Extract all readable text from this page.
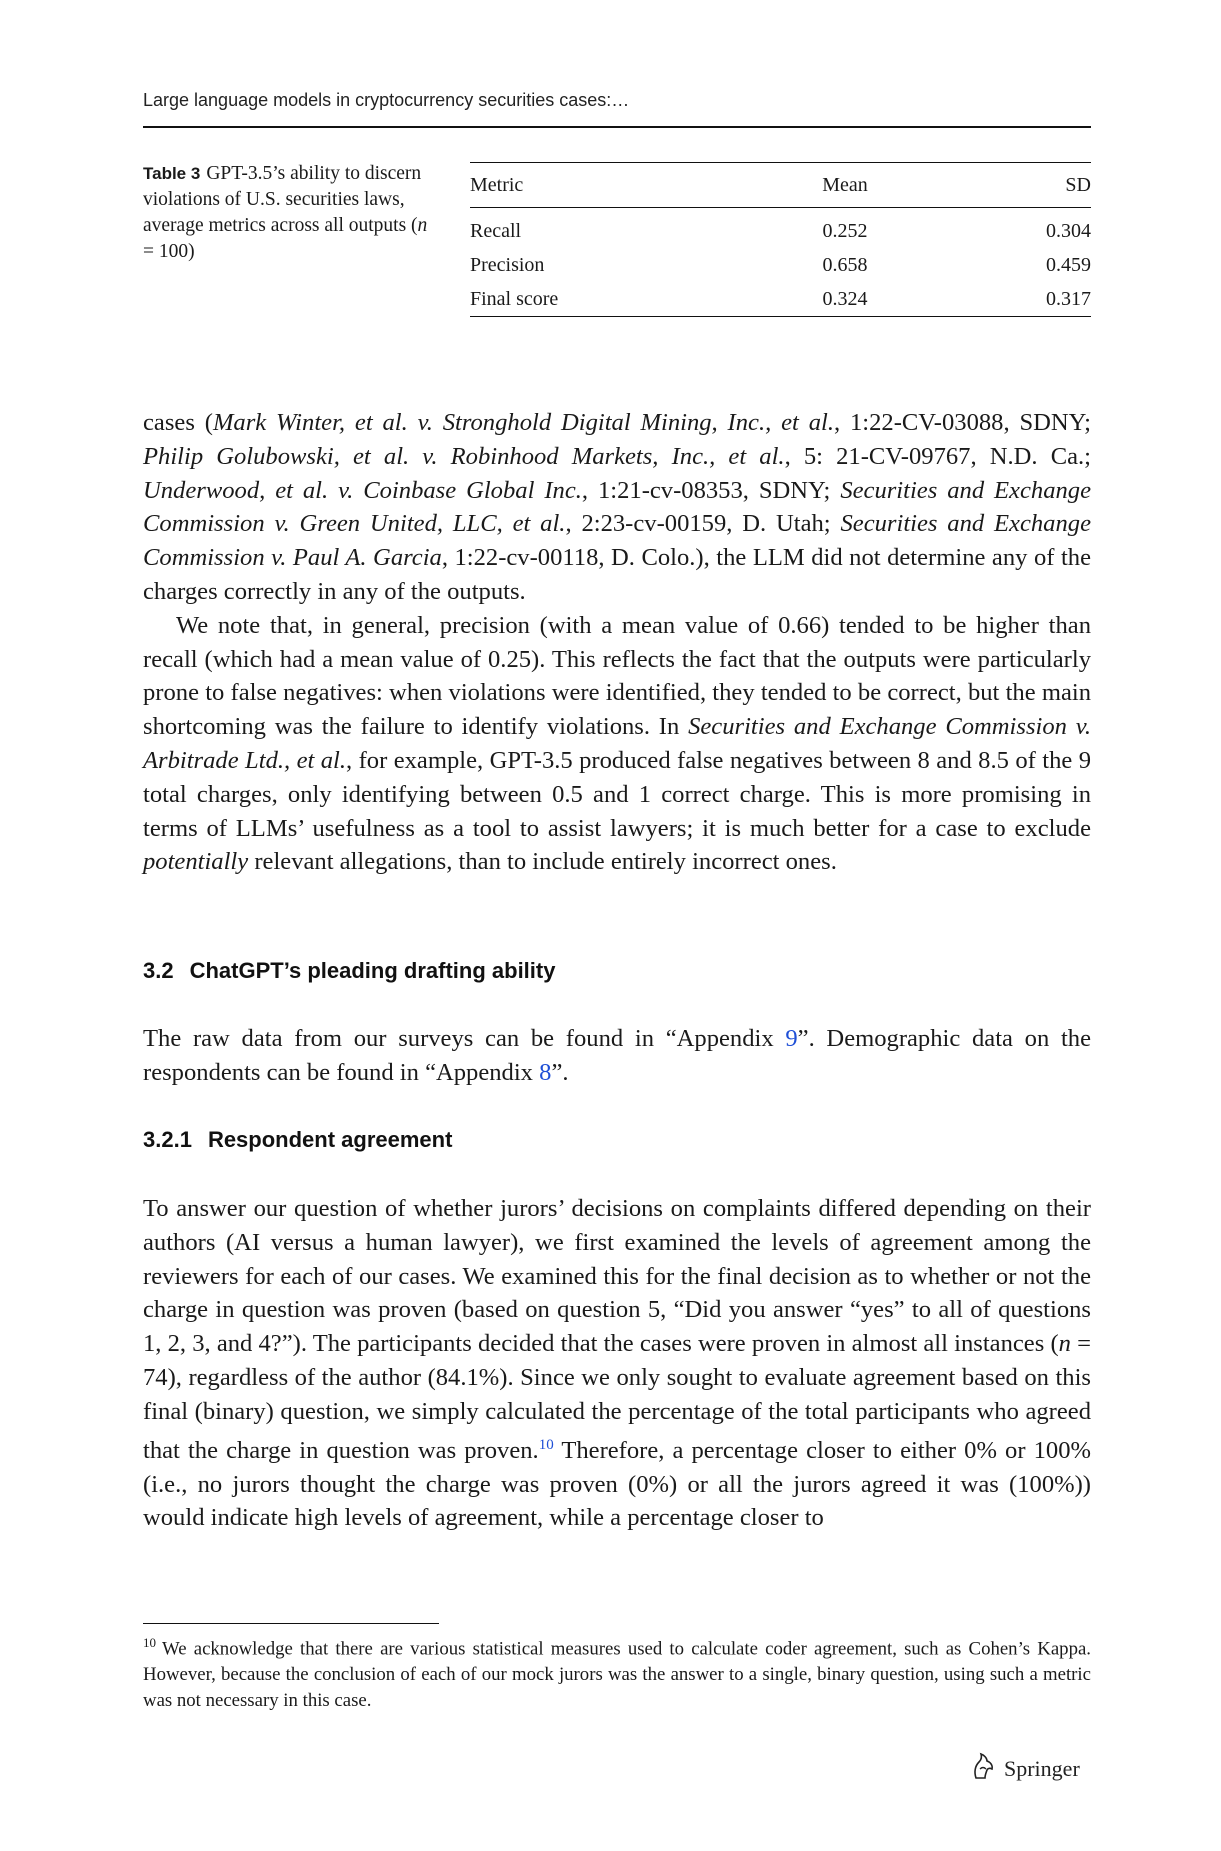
Large language models in cryptocurrency securities cases:…
Table 3 GPT-3.5’s ability to discern violations of U.S. securities laws, average metrics across all outputs (n = 100)
Metric	Mean	SD
Recall	0.252	0.304
Precision	0.658	0.459
Final score	0.324	0.317

cases (Mark Winter, et al. v. Stronghold Digital Mining, Inc., et al., 1:22-CV-03088, SDNY; Philip Golubowski, et al. v. Robinhood Markets, Inc., et al., 5: 21-CV-09767, N.D. Ca.; Underwood, et al. v. Coinbase Global Inc., 1:21-cv-08353, SDNY; Securities and Exchange Commission v. Green United, LLC, et al., 2:23-cv-00159, D. Utah; Securities and Exchange Commission v. Paul A. Garcia, 1:22-cv-00118, D. Colo.), the LLM did not determine any of the charges correctly in any of the outputs.

We note that, in general, precision (with a mean value of 0.66) tended to be higher than recall (which had a mean value of 0.25). This reflects the fact that the outputs were particularly prone to false negatives: when violations were identified, they tended to be correct, but the main shortcoming was the failure to identify violations. In Securities and Exchange Commission v. Arbitrade Ltd., et al., for example, GPT-3.5 produced false negatives between 8 and 8.5 of the 9 total charges, only identifying between 0.5 and 1 correct charge. This is more promising in terms of LLMs’ usefulness as a tool to assist lawyers; it is much better for a case to exclude potentially relevant allegations, than to include entirely incorrect ones.

3.2 ChatGPT’s pleading drafting ability

The raw data from our surveys can be found in “Appendix 9”. Demographic data on the respondents can be found in “Appendix 8”.

3.2.1 Respondent agreement

To answer our question of whether jurors’ decisions on complaints differed depending on their authors (AI versus a human lawyer), we first examined the levels of agreement among the reviewers for each of our cases. We examined this for the final decision as to whether or not the charge in question was proven (based on question 5, “Did you answer “yes” to all of questions 1, 2, 3, and 4?”). The participants decided that the cases were proven in almost all instances (n = 74), regardless of the author (84.1%). Since we only sought to evaluate agreement based on this final (binary) question, we simply calculated the percentage of the total participants who agreed that the charge in question was proven.$^{10}$ Therefore, a percentage closer to either 0% or 100% (i.e., no jurors thought the charge was proven (0%) or all the jurors agreed it was (100%)) would indicate high levels of agreement, while a percentage closer to

$^{10}$ We acknowledge that there are various statistical measures used to calculate coder agreement, such as Cohen’s Kappa. However, because the conclusion of each of our mock jurors was the answer to a single, binary question, using such a metric was not necessary in this case.
Springer
